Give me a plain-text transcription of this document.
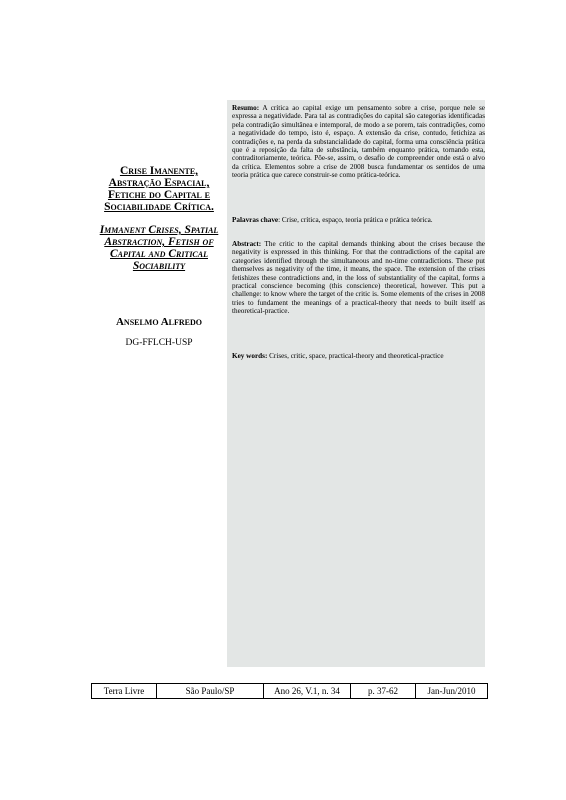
Crise Imanente, Abstração Espacial, Fetiche do Capital e Sociabilidade Crítica.

Immanent Crises, Spatial Abstraction, Fetish of Capital and Critical Sociability

Anselmo Alfredo
DG-FFLCH-USP
Resumo: A crítica ao capital exige um pensamento sobre a crise, porque nele se expressa a negatividade. Para tal as contradições do capital são categorias identificadas pela contradição simultânea e intemporal, de modo a se porem, tais contradições, como a negatividade do tempo, isto é, espaço. A extensão da crise, contudo, fetichiza as contradições e, na perda da substancialidade do capital, forma uma consciência prática que é a reposição da falta de substância, também enquanto prática, tornando esta, contraditoriamente, teórica. Põe-se, assim, o desafio de compreender onde está o alvo da crítica. Elementos sobre a crise de 2008 busca fundamentar os sentidos de uma teoria prática que carece construir-se como prática-teórica.
Palavras chave: Crise, crítica, espaço, teoria prática e prática teórica.
Abstract: The critic to the capital demands thinking about the crises because the negativity is expressed in this thinking. For that the contradictions of the capital are categories identified through the simultaneous and no-time contradictions. These put themselves as negativity of the time, it means, the space. The extension of the crises fetishizes these contradictions and, in the loss of substantiality of the capital, forms a practical conscience becoming (this conscience) theoretical, however. This put a challenge: to know where the target of the critic is. Some elements of the crises in 2008 tries to fundament the meanings of a practical-theory that needs to built itself as theoretical-practice.
Key words: Crises, critic, space, practical-theory and theoretical-practice
Terra Livre	São Paulo/SP	Ano 26, V.1, n. 34	p. 37-62	Jan-Jun/2010
